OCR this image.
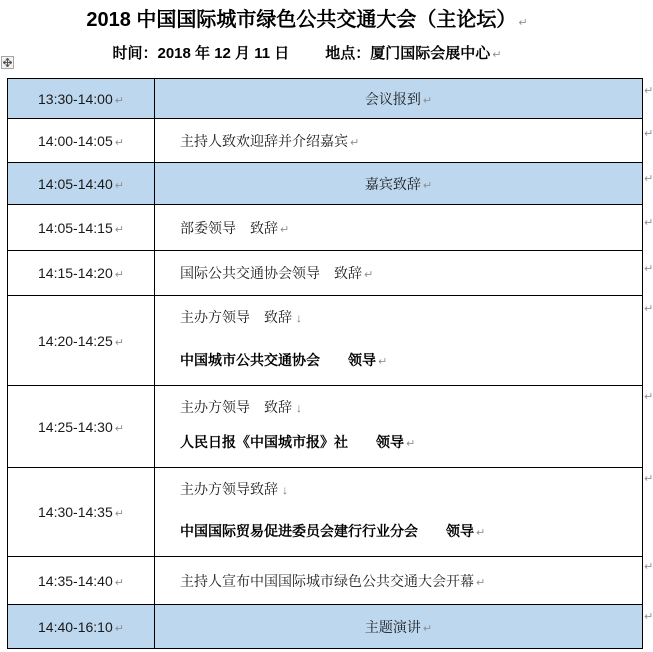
2018 中国国际城市绿色公共交通大会（主论坛） ↵
时间：2018 年 12 月 11 日 地点：厦门国际会展中心 ↵
13:30-14:00 ↵	会议报到 ↵
14:00-14:05 ↵	主持人致欢迎辞并介绍嘉宾 ↵
14:05-14:40 ↵	嘉宾致辞 ↵
14:05-14:15 ↵	部委领导　致辞 ↵
14:15-14:20 ↵	国际公共交通协会领导　致辞 ↵
14:20-14:25 ↵	主办方领导　致辞 ↓
中国城市公共交通协会　　领导 ↵

14:25-14:30 ↵	主办方领导　致辞 ↓
人民日报《中国城市报》社　　领导 ↵

14:30-14:35 ↵	主办方领导致辞 ↓
中国国际贸易促进委员会建行行业分会　　领导 ↵

14:35-14:40 ↵	主持人宣布中国国际城市绿色公共交通大会开幕 ↵
14:40-16:10 ↵	主题演讲 ↵
↵
↵
↵
↵
↵
↵
↵
↵
↵
↵
